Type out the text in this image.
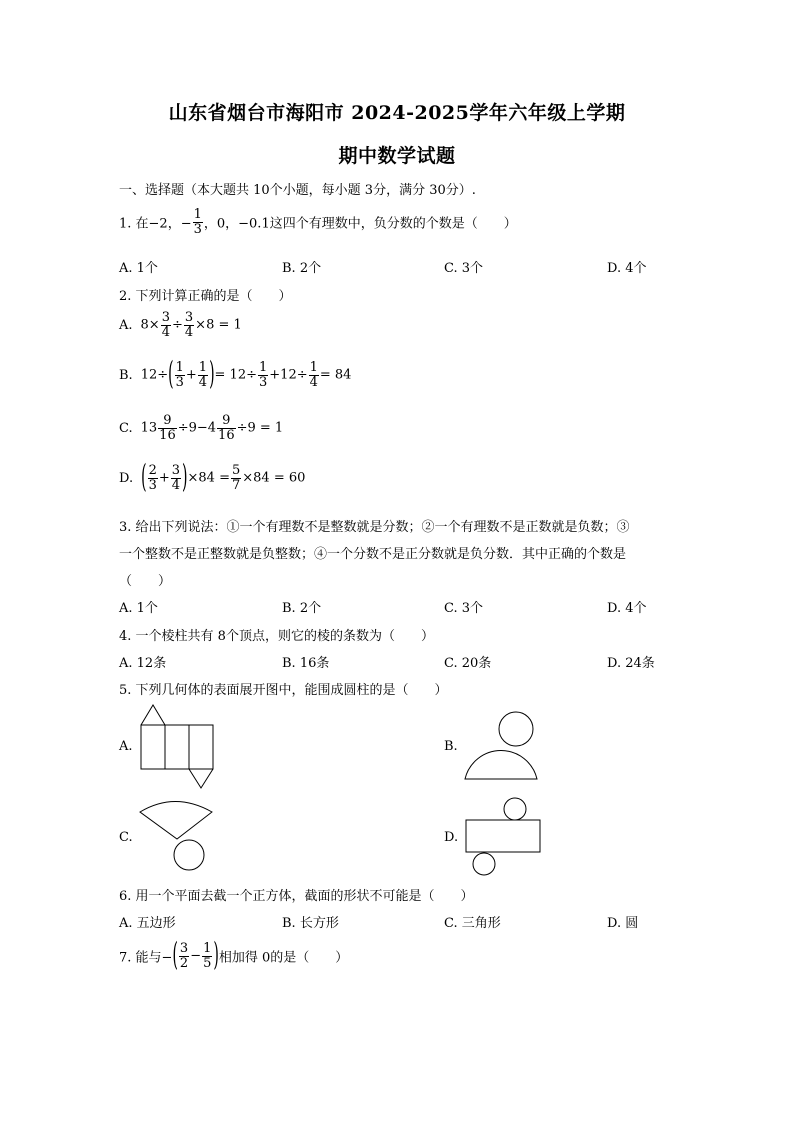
山东省烟台市海阳市 2024-2025学年六年级上学期
期中数学试题
一、选择题（本大题共 10个小题，每小题 3分，满分 30分）.
1. 在−2，− $\frac{1}{3}$ ，0，−0.1这四个有理数中，负分数的个数是（　　）
A. 1个	B. 2个	C. 3个	D. 4个
2. 下列计算正确的是（　　）
A. $8\times \frac{3}{4} \div \frac{3}{4} \times 8 = 1$
B. $12\div( \frac{1}{3} + \frac{1}{4}$ )= $12\div \frac{1}{3} +12\div \frac{1}{4} = 84$
C. $13 \frac{9}{16} \div 9-4 \frac{9}{16} \div 9 = 1$
D. ( $\frac{2}{3} + \frac{3}{4} )\times 84 = \frac{5}{7} \times 84 = 60$
3. 给出下列说法：①一个有理数不是整数就是分数；②一个有理数不是正数就是负数；③
一个整数不是正整数就是负整数；④一个分数不是正分数就是负分数．其中正确的个数是
（　　）
A. 1个	B. 2个	C. 3个	D. 4个
4. 一个棱柱共有 8个顶点，则它的棱的条数为（　　）
A. 12条	B. 16条	C. 20条	D. 24条
5. 下列几何体的表面展开图中，能围成圆柱的是（　　）
A.	B.
C.	D.
6. 用一个平面去截一个正方体，截面的形状不可能是（　　）
A. 五边形	B. 长方形	C. 三角形	D. 圆
7. 能与−( $\frac{3}{2} - \frac{1}{5}$ )相加得 0的是（　　）
